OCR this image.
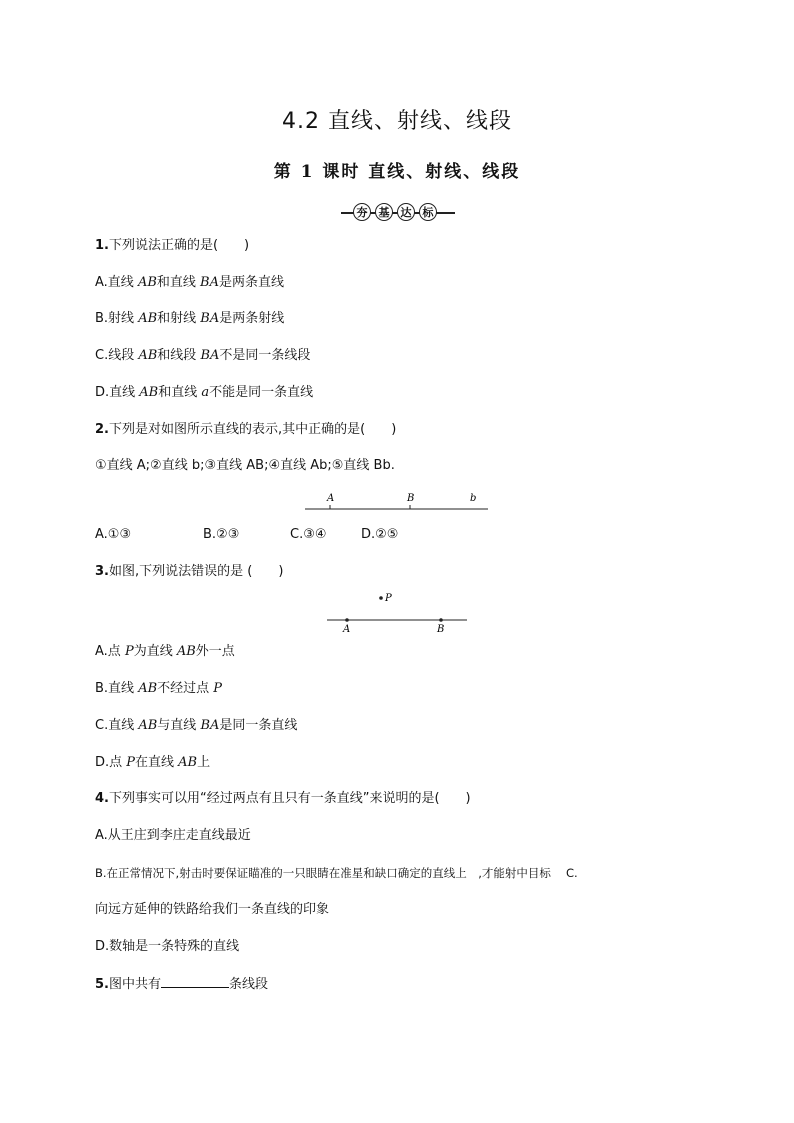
4.2 直线、射线、线段
第 1 课时 直线、射线、线段
夯	基	达	标
1.下列说法正确的是(　　)
A.直线 AB和直线 BA是两条直线
B.射线 AB和射线 BA是两条射线
C.线段 AB和线段 BA不是同一条线段
D.直线 AB和直线 a不能是同一条直线
2.下列是对如图所示直线的表示,其中正确的是(　　)
①直线 A;②直线 b;③直线 AB;④直线 Ab;⑤直线 Bb.
A	B	b
A.①③	B.②③	C.③④	D.②⑤
3.如图,下列说法错误的是 (　　)
P
A	B
A.点 P为直线 AB外一点
B.直线 AB不经过点 P
C.直线 AB与直线 BA是同一条直线
D.点 P在直线 AB上
4.下列事实可以用“经过两点有且只有一条直线”来说明的是(　　)
A.从王庄到李庄走直线最近
B.在正常情况下,射击时要保证瞄准的一只眼睛在准星和缺口确定的直线上　,才能射中目标　 C.
向远方延伸的铁路给我们一条直线的印象
D.数轴是一条特殊的直线
5.图中共有	条线段
